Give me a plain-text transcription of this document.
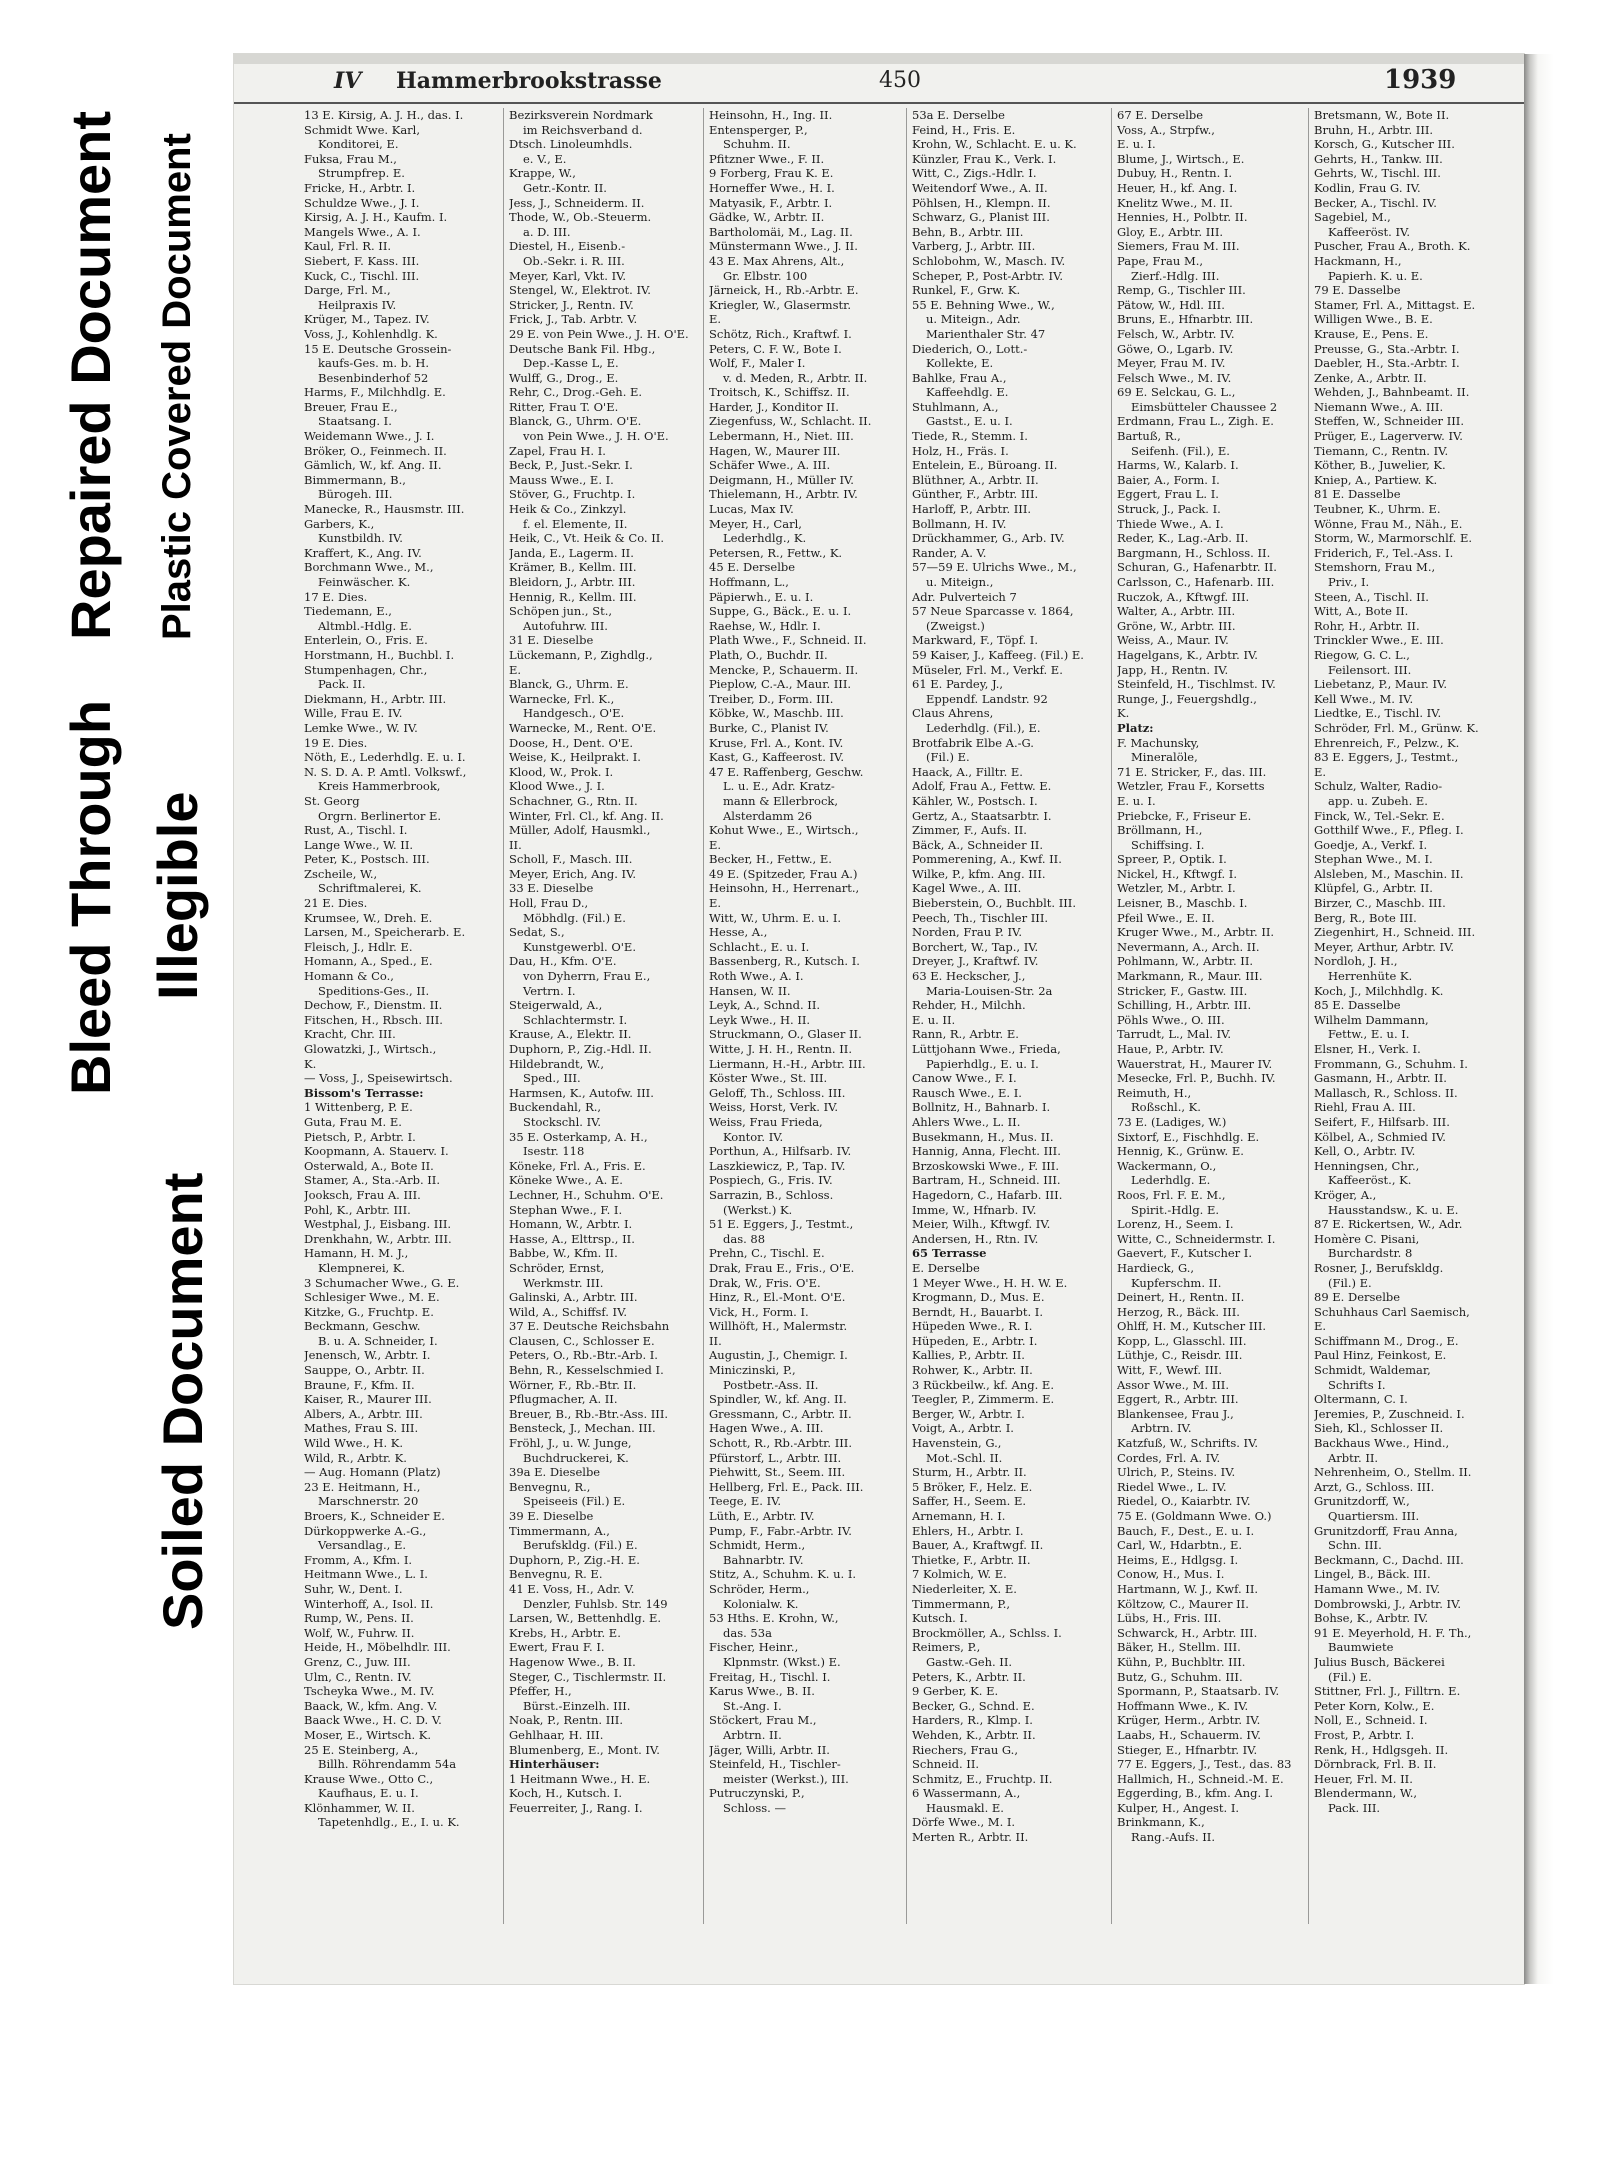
Bleed Through
Repaired Document
Illegible
Plastic Covered Document
Soiled Document
IV Hammerbrookstrasse	450	1939
13 E. Kirsig, A. J. H., das. I.
Schmidt Wwe. Karl,
Konditorei, E.
Fuksa, Frau M.,
Strumpfrep. E.
Fricke, H., Arbtr. I.
Schuldze Wwe., J. I.
Kirsig, A. J. H., Kaufm. I.
Mangels Wwe., A. I.
Kaul, Frl. R. II.
Siebert, F. Kass. III.
Kuck, C., Tischl. III.
Darge, Frl. M.,
Heilpraxis IV.
Krüger, M., Tapez. IV.
Voss, J., Kohlenhdlg. K.
15 E. Deutsche Grossein-
kaufs-Ges. m. b. H.
Besenbinderhof 52
Harms, F., Milchhdlg. E.
Breuer, Frau E.,
Staatsang. I.
Weidemann Wwe., J. I.
Bröker, O., Feinmech. II.
Gämlich, W., kf. Ang. II.
Bimmermann, B.,
Bürogeh. III.
Manecke, R., Hausmstr. III.
Garbers, K.,
Kunstbildh. IV.
Kraffert, K., Ang. IV.
Borchmann Wwe., M.,
Feinwäscher. K.
17 E. Dies.
Tiedemann, E.,
Altmbl.-Hdlg. E.
Enterlein, O., Fris. E.
Horstmann, H., Buchbl. I.
Stumpenhagen, Chr.,
Pack. II.
Diekmann, H., Arbtr. III.
Wille, Frau E. IV.
Lemke Wwe., W. IV.
19 E. Dies.
Nöth, E., Lederhdlg. E. u. I.
N. S. D. A. P. Amtl. Volkswf.,
Kreis Hammerbrook,
St. Georg
Orgrn. Berlinertor E.
Rust, A., Tischl. I.
Lange Wwe., W. II.
Peter, K., Postsch. III.
Zscheile, W.,
Schriftmalerei, K.
21 E. Dies.
Krumsee, W., Dreh. E.
Larsen, M., Speicherarb. E.
Fleisch, J., Hdlr. E.
Homann, A., Sped., E.
Homann & Co.,
Speditions-Ges., II.
Dechow, F., Dienstm. II.
Fitschen, H., Rbsch. III.
Kracht, Chr. III.
Glowatzki, J., Wirtsch.,
K.
— Voss, J., Speisewirtsch.
Bissom's Terrasse:
1 Wittenberg, P. E.
Guta, Frau M. E.
Pietsch, P., Arbtr. I.
Koopmann, A. Stauerv. I.
Osterwald, A., Bote II.
Stamer, A., Sta.-Arb. II.
Jooksch, Frau A. III.
Pohl, K., Arbtr. III.
Westphal, J., Eisbang. III.
Drenkhahn, W., Arbtr. III.
Hamann, H. M. J.,
Klempnerei, K.
3 Schumacher Wwe., G. E.
Schlesiger Wwe., M. E.
Kitzke, G., Fruchtp. E.
Beckmann, Geschw.
B. u. A. Schneider, I.
Jenensch, W., Arbtr. I.
Sauppe, O., Arbtr. II.
Braune, F., Kfm. II.
Kaiser, R., Maurer III.
Albers, A., Arbtr. III.
Mathes, Frau S. III.
Wild Wwe., H. K.
Wild, R., Arbtr. K.
— Aug. Homann (Platz)
23 E. Heitmann, H.,
Marschnerstr. 20
Broers, K., Schneider E.
Dürkoppwerke A.-G.,
Versandlag., E.
Fromm, A., Kfm. I.
Heitmann Wwe., L. I.
Suhr, W., Dent. I.
Winterhoff, A., Isol. II.
Rump, W., Pens. II.
Wolf, W., Fuhrw. II.
Heide, H., Möbelhdlr. III.
Grenz, C., Juw. III.
Ulm, C., Rentn. IV.
Tscheyka Wwe., M. IV.
Baack, W., kfm. Ang. V.
Baack Wwe., H. C. D. V.
Moser, E., Wirtsch. K.
25 E. Steinberg, A.,
Billh. Röhrendamm 54a
Krause Wwe., Otto C.,
Kaufhaus, E. u. I.
Klönhammer, W. II.
Tapetenhdlg., E., I. u. K.
Bezirksverein Nordmark
im Reichsverband d.
Dtsch. Linoleumhdls.
e. V., E.
Krappe, W.,
Getr.-Kontr. II.
Jess, J., Schneiderm. II.
Thode, W., Ob.-Steuerm.
a. D. III.
Diestel, H., Eisenb.-
Ob.-Sekr. i. R. III.
Meyer, Karl, Vkt. IV.
Stengel, W., Elektrot. IV.
Stricker, J., Rentn. IV.
Frick, J., Tab. Arbtr. V.
29 E. von Pein Wwe., J. H. O'E.
Deutsche Bank Fil. Hbg.,
Dep.-Kasse L, E.
Wulff, G., Drog., E.
Rehr, C., Drog.-Geh. E.
Ritter, Frau T. O'E.
Blanck, G., Uhrm. O'E.
von Pein Wwe., J. H. O'E.
Zapel, Frau H. I.
Beck, P., Just.-Sekr. I.
Mauss Wwe., E. I.
Stöver, G., Fruchtp. I.
Heik & Co., Zinkzyl.
f. el. Elemente, II.
Heik, C., Vt. Heik & Co. II.
Janda, E., Lagerm. II.
Krämer, B., Kellm. III.
Bleidorn, J., Arbtr. III.
Hennig, R., Kellm. III.
Schöpen jun., St.,
Autofuhrw. III.
31 E. Dieselbe
Lückemann, P., Zighdlg.,
E.
Blanck, G., Uhrm. E.
Warnecke, Frl. K.,
Handgesch., O'E.
Warnecke, M., Rent. O'E.
Doose, H., Dent. O'E.
Weise, K., Heilprakt. I.
Klood, W., Prok. I.
Klood Wwe., J. I.
Schachner, G., Rtn. II.
Winter, Frl. Cl., kf. Ang. II.
Müller, Adolf, Hausmkl.,
II.
Scholl, F., Masch. III.
Meyer, Erich, Ang. IV.
33 E. Dieselbe
Holl, Frau D.,
Möbhdlg. (Fil.) E.
Sedat, S.,
Kunstgewerbl. O'E.
Dau, H., Kfm. O'E.
von Dyherrn, Frau E.,
Vertrn. I.
Steigerwald, A.,
Schlachtermstr. I.
Krause, A., Elektr. II.
Duphorn, P., Zig.-Hdl. II.
Hildebrandt, W.,
Sped., III.
Harmsen, K., Autofw. III.
Buckendahl, R.,
Stockschl. IV.
35 E. Osterkamp, A. H.,
Isestr. 118
Köneke, Frl. A., Fris. E.
Köneke Wwe., A. E.
Lechner, H., Schuhm. O'E.
Stephan Wwe., F. I.
Homann, W., Arbtr. I.
Hasse, A., Elttrsp., II.
Babbe, W., Kfm. II.
Schröder, Ernst,
Werkmstr. III.
Galinski, A., Arbtr. III.
Wild, A., Schiffsf. IV.
37 E. Deutsche Reichsbahn
Clausen, C., Schlosser E.
Peters, O., Rb.-Btr.-Arb. I.
Behn, R., Kesselschmied I.
Wörner, F., Rb.-Btr. II.
Pflugmacher, A. II.
Breuer, B., Rb.-Btr.-Ass. III.
Bensteck, J., Mechan. III.
Fröhl, J., u. W. Junge,
Buchdruckerei, K.
39a E. Dieselbe
Benvegnu, R.,
Speiseeis (Fil.) E.
39 E. Dieselbe
Timmermann, A.,
Berufskldg. (Fil.) E.
Duphorn, P., Zig.-H. E.
Benvegnu, R. E.
41 E. Voss, H., Adr. V.
Denzler, Fuhlsb. Str. 149
Larsen, W., Bettenhdlg. E.
Krebs, H., Arbtr. E.
Ewert, Frau F. I.
Hagenow Wwe., B. II.
Steger, C., Tischlermstr. II.
Pfeffer, H.,
Bürst.-Einzelh. III.
Noak, P., Rentn. III.
Gehlhaar, H. III.
Blumenberg, E., Mont. IV.
Hinterhäuser:
1 Heitmann Wwe., H. E.
Koch, H., Kutsch. I.
Feuerreiter, J., Rang. I.
Heinsohn, H., Ing. II.
Entensperger, P.,
Schuhm. II.
Pfitzner Wwe., F. II.
9 Forberg, Frau K. E.
Horneffer Wwe., H. I.
Matyasik, F., Arbtr. I.
Gädke, W., Arbtr. II.
Bartholomäi, M., Lag. II.
Münstermann Wwe., J. II.
43 E. Max Ahrens, Alt.,
Gr. Elbstr. 100
Järneick, H., Rb.-Arbtr. E.
Kriegler, W., Glasermstr.
E.
Schötz, Rich., Kraftwf. I.
Peters, C. F. W., Bote I.
Wolf, F., Maler I.
v. d. Meden, R., Arbtr. II.
Troitsch, K., Schiffsz. II.
Harder, J., Konditor II.
Ziegenfuss, W., Schlacht. II.
Lebermann, H., Niet. III.
Hagen, W., Maurer III.
Schäfer Wwe., A. III.
Deigmann, H., Müller IV.
Thielemann, H., Arbtr. IV.
Lucas, Max IV.
Meyer, H., Carl,
Lederhdlg., K.
Petersen, R., Fettw., K.
45 E. Derselbe
Hoffmann, L.,
Päpierwh., E. u. I.
Suppe, G., Bäck., E. u. I.
Raehse, W., Hdlr. I.
Plath Wwe., F., Schneid. II.
Plath, O., Buchdr. II.
Mencke, P., Schauerm. II.
Pieplow, C.-A., Maur. III.
Treiber, D., Form. III.
Köbke, W., Maschb. III.
Burke, C., Planist IV.
Kruse, Frl. A., Kont. IV.
Kast, G., Kaffeerost. IV.
47 E. Raffenberg, Geschw.
L. u. E., Adr. Kratz-
mann & Ellerbrock,
Alsterdamm 26
Kohut Wwe., E., Wirtsch.,
E.
Becker, H., Fettw., E.
49 E. (Spitzeder, Frau A.)
Heinsohn, H., Herrenart.,
E.
Witt, W., Uhrm. E. u. I.
Hesse, A.,
Schlacht., E. u. I.
Bassenberg, R., Kutsch. I.
Roth Wwe., A. I.
Hansen, W. II.
Leyk, A., Schnd. II.
Leyk Wwe., H. II.
Struckmann, O., Glaser II.
Witte, J. H. H., Rentn. II.
Liermann, H.-H., Arbtr. III.
Köster Wwe., St. III.
Geloff, Th., Schloss. III.
Weiss, Horst, Verk. IV.
Weiss, Frau Frieda,
Kontor. IV.
Porthun, A., Hilfsarb. IV.
Laszkiewicz, P., Tap. IV.
Pospiech, G., Fris. IV.
Sarrazin, B., Schloss.
(Werkst.) K.
51 E. Eggers, J., Testmt.,
das. 88
Prehn, C., Tischl. E.
Drak, Frau E., Fris., O'E.
Drak, W., Fris. O'E.
Hinz, R., El.-Mont. O'E.
Vick, H., Form. I.
Willhöft, H., Malermstr.
II.
Augustin, J., Chemigr. I.
Miniczinski, P.,
Postbetr.-Ass. II.
Spindler, W., kf. Ang. II.
Gressmann, C., Arbtr. II.
Hagen Wwe., A. III.
Schott, R., Rb.-Arbtr. III.
Pfürstorf, L., Arbtr. III.
Piehwitt, St., Seem. III.
Hellberg, Frl. E., Pack. III.
Teege, E. IV.
Lüth, E., Arbtr. IV.
Pump, F., Fabr.-Arbtr. IV.
Schmidt, Herm.,
Bahnarbtr. IV.
Stitz, A., Schuhm. K. u. I.
Schröder, Herm.,
Kolonialw. K.
53 Hths. E. Krohn, W.,
das. 53a
Fischer, Heinr.,
Klpnmstr. (Wkst.) E.
Freitag, H., Tischl. I.
Karus Wwe., B. II.
St.-Ang. I.
Stöckert, Frau M.,
Arbtrn. II.
Jäger, Willi, Arbtr. II.
Steinfeld, H., Tischler-
meister (Werkst.), III.
Putruczynski, P.,
Schloss. —
53a E. Derselbe
Feind, H., Fris. E.
Krohn, W., Schlacht. E. u. K.
Künzler, Frau K., Verk. I.
Witt, C., Zigs.-Hdlr. I.
Weitendorf Wwe., A. II.
Pöhlsen, H., Klempn. II.
Schwarz, G., Planist III.
Behn, B., Arbtr. III.
Varberg, J., Arbtr. III.
Schlobohm, W., Masch. IV.
Scheper, P., Post-Arbtr. IV.
Runkel, F., Grw. K.
55 E. Behning Wwe., W.,
u. Miteign., Adr.
Marienthaler Str. 47
Diederich, O., Lott.-
Kollekte, E.
Bahlke, Frau A.,
Kaffeehdlg. E.
Stuhlmann, A.,
Gastst., E. u. I.
Tiede, R., Stemm. I.
Holz, H., Fräs. I.
Entelein, E., Büroang. II.
Blüthner, A., Arbtr. II.
Günther, F., Arbtr. III.
Harloff, P., Arbtr. III.
Bollmann, H. IV.
Drückhammer, G., Arb. IV.
Rander, A. V.
57—59 E. Ulrichs Wwe., M.,
u. Miteign.,
Adr. Pulverteich 7
57 Neue Sparcasse v. 1864,
(Zweigst.)
Markward, F., Töpf. I.
59 Kaiser, J., Kaffeeg. (Fil.) E.
Müseler, Frl. M., Verkf. E.
61 E. Pardey, J.,
Eppendf. Landstr. 92
Claus Ahrens,
Lederhdlg. (Fil.), E.
Brotfabrik Elbe A.-G.
(Fil.) E.
Haack, A., Filltr. E.
Adolf, Frau A., Fettw. E.
Kähler, W., Postsch. I.
Gertz, A., Staatsarbtr. I.
Zimmer, F., Aufs. II.
Bäck, A., Schneider II.
Pommerening, A., Kwf. II.
Wilke, P., kfm. Ang. III.
Kagel Wwe., A. III.
Bieberstein, O., Buchblt. III.
Peech, Th., Tischler III.
Norden, Frau P. IV.
Borchert, W., Tap., IV.
Dreyer, J., Kraftwf. IV.
63 E. Heckscher, J.,
Maria-Louisen-Str. 2a
Rehder, H., Milchh.
E. u. II.
Rann, R., Arbtr. E.
Lüttjohann Wwe., Frieda,
Papierhdlg., E. u. I.
Canow Wwe., F. I.
Rausch Wwe., E. I.
Bollnitz, H., Bahnarb. I.
Ahlers Wwe., L. II.
Busekmann, H., Mus. II.
Hannig, Anna, Flecht. III.
Brzoskowski Wwe., F. III.
Bartram, H., Schneid. III.
Hagedorn, C., Hafarb. III.
Imme, W., Hfnarb. IV.
Meier, Wilh., Kftwgf. IV.
Andersen, H., Rtn. IV.
65 Terrasse
E. Derselbe
1 Meyer Wwe., H. H. W. E.
Krogmann, D., Mus. E.
Berndt, H., Bauarbt. I.
Hüpeden Wwe., R. I.
Hüpeden, E., Arbtr. I.
Kallies, P., Arbtr. II.
Rohwer, K., Arbtr. II.
3 Rückbeilw., kf. Ang. E.
Teegler, P., Zimmerm. E.
Berger, W., Arbtr. I.
Voigt, A., Arbtr. I.
Havenstein, G.,
Mot.-Schl. II.
Sturm, H., Arbtr. II.
5 Bröker, F., Helz. E.
Saffer, H., Seem. E.
Arnemann, H. I.
Ehlers, H., Arbtr. I.
Bauer, A., Kraftwgf. II.
Thietke, F., Arbtr. II.
7 Kolmich, W. E.
Niederleiter, X. E.
Timmermann, P.,
Kutsch. I.
Brockmöller, A., Schlss. I.
Reimers, P.,
Gastw.-Geh. II.
Peters, K., Arbtr. II.
9 Gerber, K. E.
Becker, G., Schnd. E.
Harders, R., Klmp. I.
Wehden, K., Arbtr. II.
Riechers, Frau G.,
Schneid. II.
Schmitz, E., Fruchtp. II.
6 Wassermann, A.,
Hausmakl. E.
Dörfe Wwe., M. I.
Merten R., Arbtr. II.
67 E. Derselbe
Voss, A., Strpfw.,
E. u. I.
Blume, J., Wirtsch., E.
Dubuy, H., Rentn. I.
Heuer, H., kf. Ang. I.
Knelitz Wwe., M. II.
Hennies, H., Polbtr. II.
Gloy, E., Arbtr. III.
Siemers, Frau M. III.
Pape, Frau M.,
Zierf.-Hdlg. III.
Remp, G., Tischler III.
Pätow, W., Hdl. III.
Bruns, E., Hfnarbtr. III.
Felsch, W., Arbtr. IV.
Göwe, O., Lgarb. IV.
Meyer, Frau M. IV.
Felsch Wwe., M. IV.
69 E. Selckau, G. L.,
Eimsbütteler Chaussee 2
Erdmann, Frau L., Zigh. E.
Bartuß, R.,
Seifenh. (Fil.), E.
Harms, W., Kalarb. I.
Baier, A., Form. I.
Eggert, Frau L. I.
Struck, J., Pack. I.
Thiede Wwe., A. I.
Reder, K., Lag.-Arb. II.
Bargmann, H., Schloss. II.
Schuran, G., Hafenarbtr. II.
Carlsson, C., Hafenarb. III.
Ruczok, A., Kftwgf. III.
Walter, A., Arbtr. III.
Gröne, W., Arbtr. III.
Weiss, A., Maur. IV.
Hagelgans, K., Arbtr. IV.
Japp, H., Rentn. IV.
Steinfeld, H., Tischlmst. IV.
Runge, J., Feuergshdlg.,
K.
Platz:
F. Machunsky,
Mineralöle,
71 E. Stricker, F., das. III.
Wetzler, Frau F., Korsetts
E. u. I.
Priebcke, F., Friseur E.
Bröllmann, H.,
Schiffsing. I.
Spreer, P., Optik. I.
Nickel, H., Kftwgf. I.
Wetzler, M., Arbtr. I.
Leisner, B., Maschb. I.
Pfeil Wwe., E. II.
Kruger Wwe., M., Arbtr. II.
Nevermann, A., Arch. II.
Pohlmann, W., Arbtr. II.
Markmann, R., Maur. III.
Stricker, F., Gastw. III.
Schilling, H., Arbtr. III.
Pöhls Wwe., O. III.
Tarrudt, L., Mal. IV.
Haue, P., Arbtr. IV.
Wauerstrat, H., Maurer IV.
Mesecke, Frl. P., Buchh. IV.
Reimuth, H.,
Roßschl., K.
73 E. (Ladiges, W.)
Sixtorf, E., Fischhdlg. E.
Hennig, K., Grünw. E.
Wackermann, O.,
Lederhdlg. E.
Roos, Frl. F. E. M.,
Spirit.-Hdlg. E.
Lorenz, H., Seem. I.
Witte, C., Schneidermstr. I.
Gaevert, F., Kutscher I.
Hardieck, G.,
Kupferschm. II.
Deinert, H., Rentn. II.
Herzog, R., Bäck. III.
Ohlff, H. M., Kutscher III.
Kopp, L., Glasschl. III.
Lüthje, C., Reisdr. III.
Witt, F., Wewf. III.
Assor Wwe., M. III.
Eggert, R., Arbtr. III.
Blankensee, Frau J.,
Arbtrn. IV.
Katzfuß, W., Schrifts. IV.
Cordes, Frl. A. IV.
Ulrich, P., Steins. IV.
Riedel Wwe., L. IV.
Riedel, O., Kaiarbtr. IV.
75 E. (Goldmann Wwe. O.)
Bauch, F., Dest., E. u. I.
Carl, W., Hdarbtn., E.
Heims, E., Hdlgsg. I.
Conow, H., Mus. I.
Hartmann, W. J., Kwf. II.
Költzow, C., Maurer II.
Lübs, H., Fris. III.
Schwarck, H., Arbtr. III.
Bäker, H., Stellm. III.
Kühn, P., Buchbltr. III.
Butz, G., Schuhm. III.
Spormann, P., Staatsarb. IV.
Hoffmann Wwe., K. IV.
Krüger, Herm., Arbtr. IV.
Laabs, H., Schauerm. IV.
Stieger, E., Hfnarbtr. IV.
77 E. Eggers, J., Test., das. 83
Hallmich, H., Schneid.-M. E.
Eggerding, B., kfm. Ang. I.
Kulper, H., Angest. I.
Brinkmann, K.,
Rang.-Aufs. II.
Bretsmann, W., Bote II.
Bruhn, H., Arbtr. III.
Korsch, G., Kutscher III.
Gehrts, H., Tankw. III.
Gehrts, W., Tischl. III.
Kodlin, Frau G. IV.
Becker, A., Tischl. IV.
Sagebiel, M.,
Kaffeeröst. IV.
Puscher, Frau A., Broth. K.
Hackmann, H.,
Papierh. K. u. E.
79 E. Dasselbe
Stamer, Frl. A., Mittagst. E.
Willigen Wwe., B. E.
Krause, E., Pens. E.
Preusse, G., Sta.-Arbtr. I.
Daebler, H., Sta.-Arbtr. I.
Zenke, A., Arbtr. II.
Wehden, J., Bahnbeamt. II.
Niemann Wwe., A. III.
Steffen, W., Schneider III.
Prüger, E., Lagerverw. IV.
Tiemann, C., Rentn. IV.
Köther, B., Juwelier, K.
Kniep, A., Partiew. K.
81 E. Dasselbe
Teubner, K., Uhrm. E.
Wönne, Frau M., Näh., E.
Storm, W., Marmorschlf. E.
Friderich, F., Tel.-Ass. I.
Stemshorn, Frau M.,
Priv., I.
Steen, A., Tischl. II.
Witt, A., Bote II.
Rohr, H., Arbtr. II.
Trinckler Wwe., E. III.
Riegow, G. C. L.,
Feilensort. III.
Liebetanz, P., Maur. IV.
Kell Wwe., M. IV.
Liedtke, E., Tischl. IV.
Schröder, Frl. M., Grünw. K.
Ehrenreich, F., Pelzw., K.
83 E. Eggers, J., Testmt.,
E.
Schulz, Walter, Radio-
app. u. Zubeh. E.
Finck, W., Tel.-Sekr. E.
Gotthilf Wwe., F., Pfleg. I.
Goedje, A., Verkf. I.
Stephan Wwe., M. I.
Alsleben, M., Maschin. II.
Klüpfel, G., Arbtr. II.
Birzer, C., Maschb. III.
Berg, R., Bote III.
Ziegenhirt, H., Schneid. III.
Meyer, Arthur, Arbtr. IV.
Nordloh, J. H.,
Herrenhüte K.
Koch, J., Milchhdlg. K.
85 E. Dasselbe
Wilhelm Dammann,
Fettw., E. u. I.
Elsner, H., Verk. I.
Frommann, G., Schuhm. I.
Gasmann, H., Arbtr. II.
Mallasch, R., Schloss. II.
Riehl, Frau A. III.
Seifert, F., Hilfsarb. III.
Kölbel, A., Schmied IV.
Kell, O., Arbtr. IV.
Henningsen, Chr.,
Kaffeeröst., K.
Kröger, A.,
Hausstandsw., K. u. E.
87 E. Rickertsen, W., Adr.
Homère C. Pisani,
Burchardstr. 8
Rosner, J., Berufskldg.
(Fil.) E.
89 E. Derselbe
Schuhhaus Carl Saemisch,
E.
Schiffmann M., Drog., E.
Paul Hinz, Feinkost, E.
Schmidt, Waldemar,
Schrifts I.
Oltermann, C. I.
Jeremies, P., Zuschneid. I.
Sieh, Kl., Schlosser II.
Backhaus Wwe., Hind.,
Arbtr. II.
Nehrenheim, O., Stellm. II.
Arzt, G., Schloss. III.
Grunitzdorff, W.,
Quartiersm. III.
Grunitzdorff, Frau Anna,
Schn. III.
Beckmann, C., Dachd. III.
Lingel, B., Bäck. III.
Hamann Wwe., M. IV.
Dombrowski, J., Arbtr. IV.
Bohse, K., Arbtr. IV.
91 E. Meyerhold, H. F. Th.,
Baumwiete
Julius Busch, Bäckerei
(Fil.) E.
Stittner, Frl. J., Filltrn. E.
Peter Korn, Kolw., E.
Noll, E., Schneid. I.
Frost, P., Arbtr. I.
Renk, H., Hdlgsgeh. II.
Dörnbrack, Frl. B. II.
Heuer, Frl. M. II.
Blendermann, W.,
Pack. III.
